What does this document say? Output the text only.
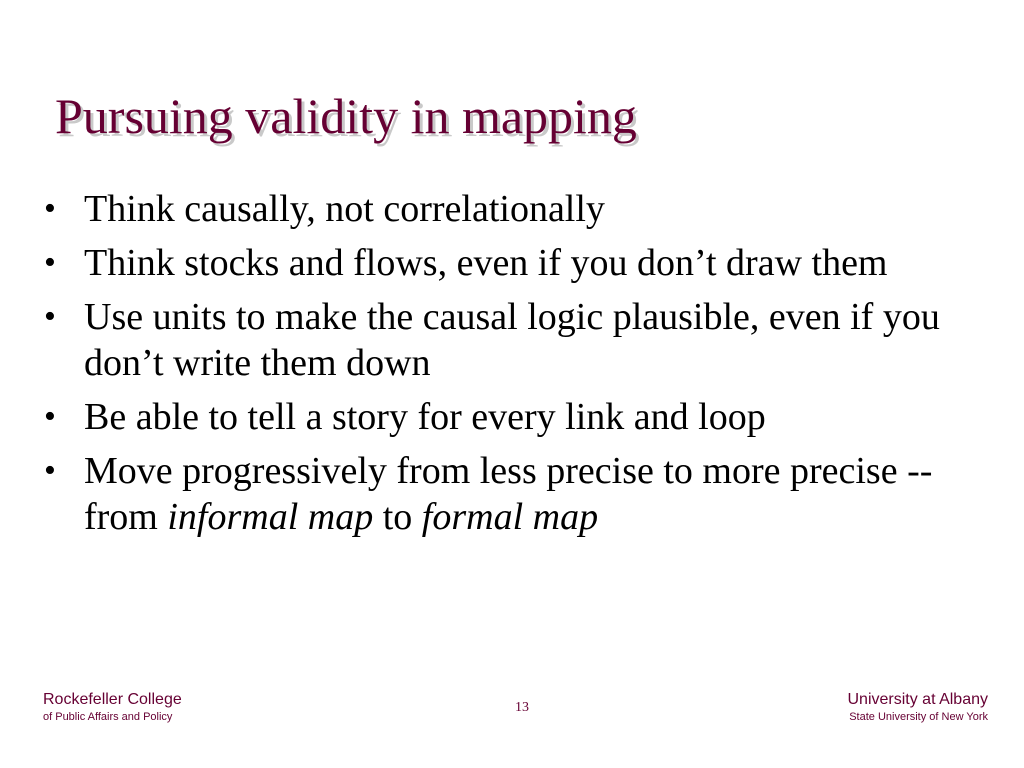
Pursuing validity in mapping
• Think causally, not correlationally
• Think stocks and flows, even if you don’t draw them
• Use units to make the causal logic plausible, even if you don’t write them down
• Be able to tell a story for every link and loop
• Move progressively from less precise to more precise -- from informal map to formal map
Rockefeller College
of Public Affairs and Policy
13	University at Albany
State University of New York
